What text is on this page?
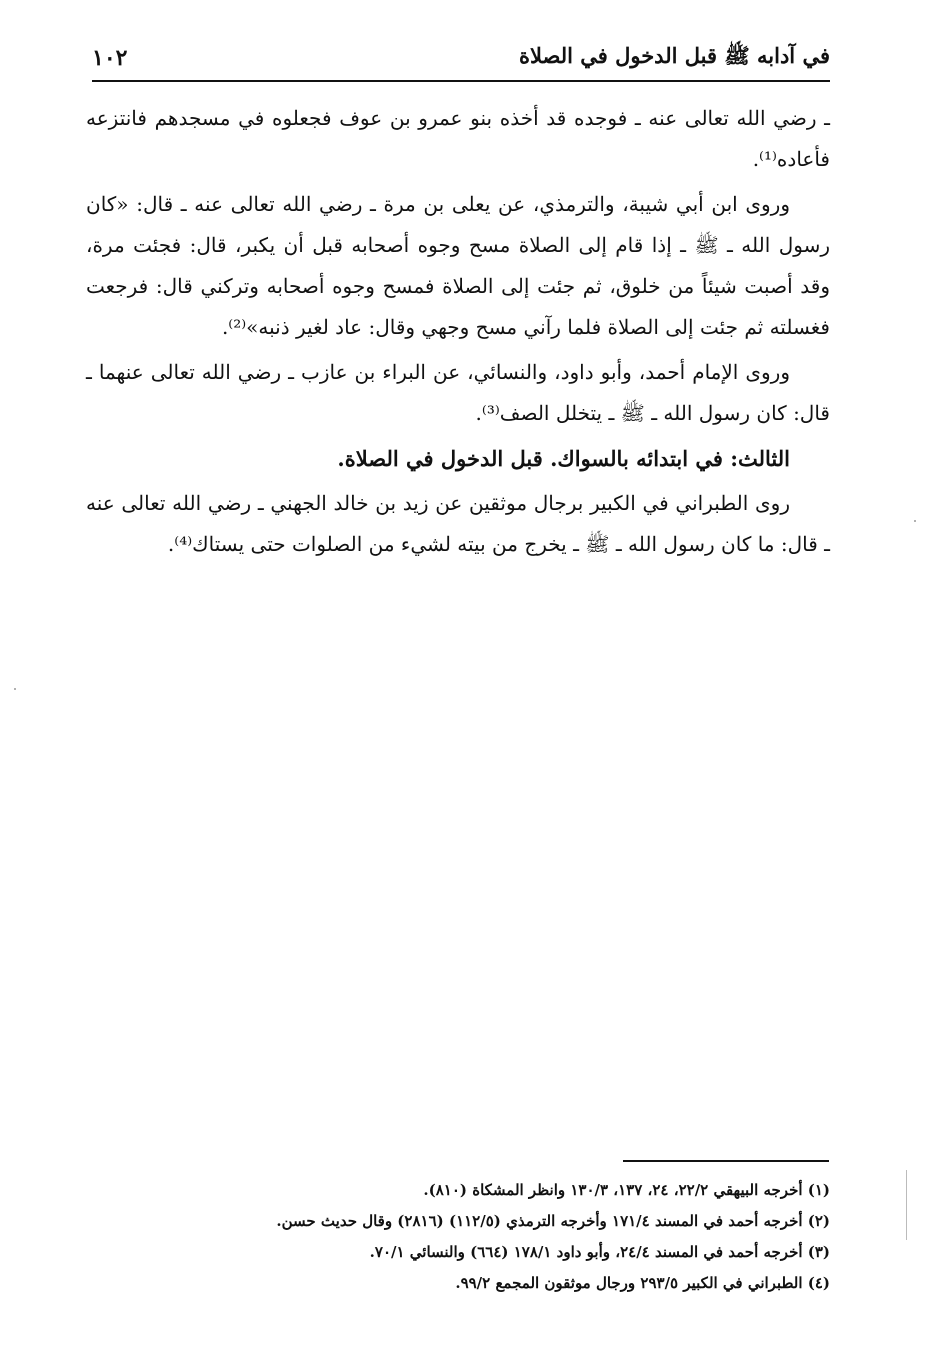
في آدابه ﷺ قبل الدخول في الصلاة
١٠٢

ـ رضي الله تعالى عنه ـ فوجده قد أخذه بنو عمرو بن عوف فجعلوه في مسجدهم فانتزعه فأعاده⁽¹⁾.

وروى ابن أبي شيبة، والترمذي، عن يعلى بن مرة ـ رضي الله تعالى عنه ـ قال: «كان رسول الله ـ ﷺ ـ إذا قام إلى الصلاة مسح وجوه أصحابه قبل أن يكبر، قال: فجئت مرة، وقد أصبت شيئاً من خلوق، ثم جئت إلى الصلاة فمسح وجوه أصحابه وتركني قال: فرجعت فغسلته ثم جئت إلى الصلاة فلما رآني مسح وجهي وقال: عاد لغير ذنبه»⁽²⁾.

وروى الإمام أحمد، وأبو داود، والنسائي، عن البراء بن عازب ـ رضي الله تعالى عنهما ـ قال: كان رسول الله ـ ﷺ ـ يتخلل الصف⁽³⁾.

الثالث: في ابتدائه بالسواك. قبل الدخول في الصلاة.

روى الطبراني في الكبير برجال موثقين عن زيد بن خالد الجهني ـ رضي الله تعالى عنه ـ قال: ما كان رسول الله ـ ﷺ ـ يخرج من بيته لشيء من الصلوات حتى يستاك⁽⁴⁾.

(١) أخرجه البيهقي ٢٢/٢، ٢٤، ١٣٧، ١٣٠/٣ وانظر المشكاة (٨١٠).
(٢) أخرجه أحمد في المسند ١٧١/٤ وأخرجه الترمذي (١١٢/٥) (٢٨١٦) وقال حديث حسن.
(٣) أخرجه أحمد في المسند ٢٤/٤، وأبو داود ١٧٨/١ (٦٦٤) والنسائي ٧٠/١.
(٤) الطبراني في الكبير ٢٩٣/٥ ورجال موثقون المجمع ٩٩/٢.
